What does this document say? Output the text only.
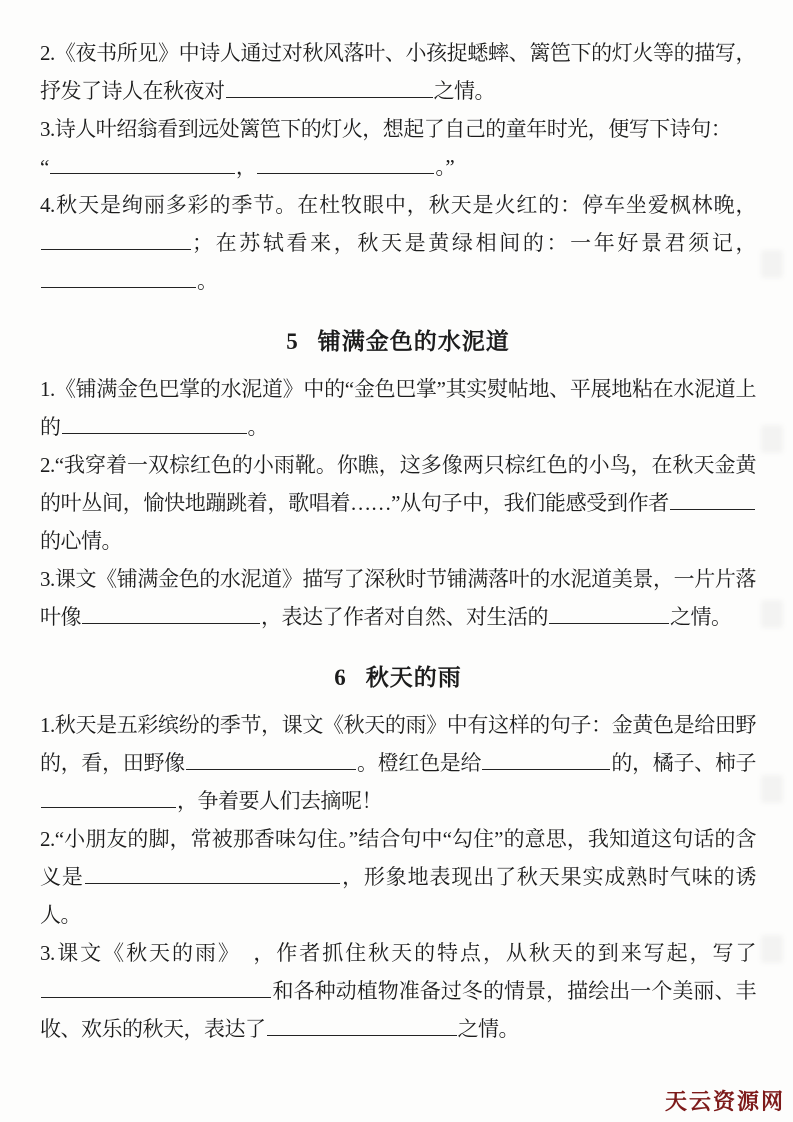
2.《夜书所见》中诗人通过对秋风落叶、小孩捉蟋蟀、篱笆下的灯火等的描写，抒发了诗人在秋夜对	之情。
3.诗人叶绍翁看到远处篱笆下的灯火，想起了自己的童年时光，便写下诗句：
“	，	。”
4.秋天是绚丽多彩的季节。在杜牧眼中，秋天是火红的：停车坐爱枫林晚，；在苏轼看来，秋天是黄绿相间的：一年好景君须记，。
5 铺满金色的水泥道
1.《铺满金色巴掌的水泥道》中的“金色巴掌”其实熨帖地、平展地粘在水泥道上的	。
2.“我穿着一双棕红色的小雨靴。你瞧，这多像两只棕红色的小鸟，在秋天金黄的叶丛间，愉快地蹦跳着，歌唱着……”从句子中，我们能感受到作者的心情。
3.课文《铺满金色的水泥道》描写了深秋时节铺满落叶的水泥道美景，一片片落叶像	，表达了作者对自然、对生活的	之情。
6 秋天的雨
1.秋天是五彩缤纷的季节，课文《秋天的雨》中有这样的句子：金黄色是给田野的，看，田野像	。橙红色是给	的，橘子、柿子，争着要人们去摘呢！
2.“小朋友的脚，常被那香味勾住。”结合句中“勾住”的意思，我知道这句话的含义是	，形象地表现出了秋天果实成熟时气味的诱人。
3.课文《秋天的雨》　，作者抓住秋天的特点，从秋天的到来写起，写了和各种动植物准备过冬的情景，描绘出一个美丽、丰收、欢乐的秋天，表达了	之情。
天云资源网
